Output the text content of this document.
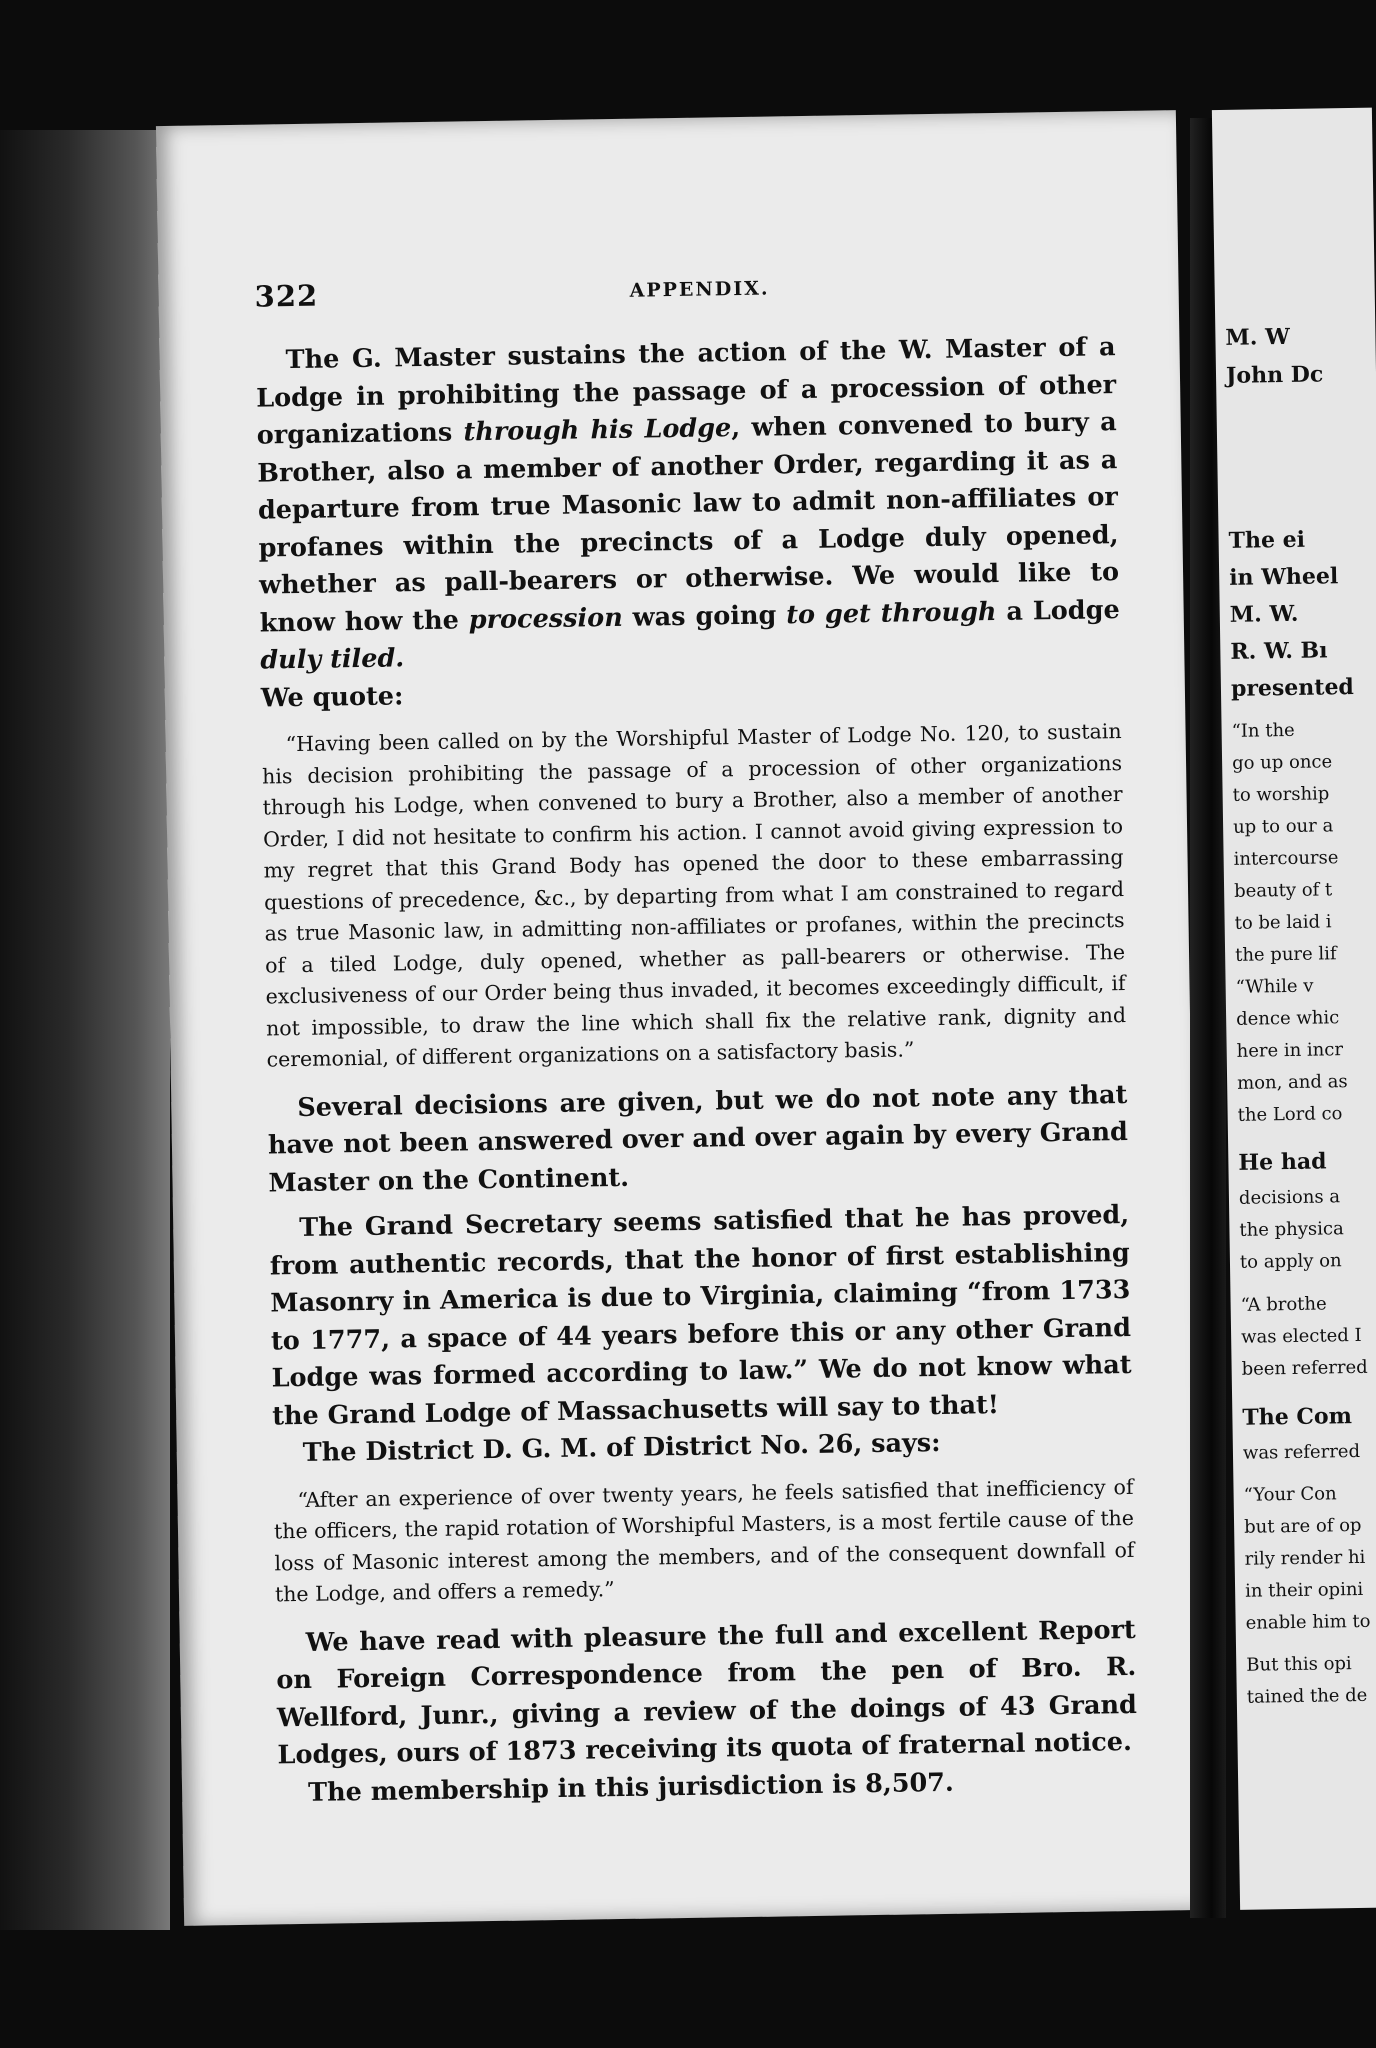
322	APPENDIX.

The G. Master sustains the action of the W. Master of a Lodge in prohibiting the passage of a procession of other organizations through his Lodge, when convened to bury a Brother, also a member of another Order, regarding it as a departure from true Masonic law to admit non-affiliates or profanes within the precincts of a Lodge duly opened, whether as pall-bearers or otherwise. We would like to know how the procession was going to get through a Lodge duly tiled.

We quote:

“Having been called on by the Worshipful Master of Lodge No. 120, to sustain his decision prohibiting the passage of a procession of other organizations through his Lodge, when convened to bury a Brother, also a member of another Order, I did not hesitate to confirm his action. I cannot avoid giving expression to my regret that this Grand Body has opened the door to these embarrassing questions of precedence, &c., by departing from what I am constrained to regard as true Masonic law, in admitting non-affiliates or profanes, within the precincts of a tiled Lodge, duly opened, whether as pall-bearers or otherwise. The exclusiveness of our Order being thus invaded, it becomes exceedingly difficult, if not impossible, to draw the line which shall fix the relative rank, dignity and ceremonial, of different organizations on a satisfactory basis.”

Several decisions are given, but we do not note any that have not been answered over and over again by every Grand Master on the Continent.

The Grand Secretary seems satisfied that he has proved, from authentic records, that the honor of first establishing Masonry in America is due to Virginia, claiming “from 1733 to 1777, a space of 44 years before this or any other Grand Lodge was formed according to law.” We do not know what the Grand Lodge of Massachusetts will say to that!

The District D. G. M. of District No. 26, says:

“After an experience of over twenty years, he feels satisfied that inefficiency of the officers, the rapid rotation of Worshipful Masters, is a most fertile cause of the loss of Masonic interest among the members, and of the consequent downfall of the Lodge, and offers a remedy.”

We have read with pleasure the full and excellent Report on Foreign Correspondence from the pen of Bro. R. Wellford, Junr., giving a review of the doings of 43 Grand Lodges, ours of 1873 receiving its quota of fraternal notice.

The membership in this jurisdiction is 8,507.

M. W
John Dc
The ei
in Wheel
M. W.
R. W. Bı
presented
“In the
go up once
to worship
up to our a
intercourse
beauty of t
to be laid i
the pure lif
“While v
dence whic
here in incr
mon, and as
the Lord co
He had
decisions a
the physica
to apply on
“A brothe
was elected I
been referred
The Com
was referred
“Your Con
but are of op
rily render hi
in their opini
enable him to
But this opi
tained the de
